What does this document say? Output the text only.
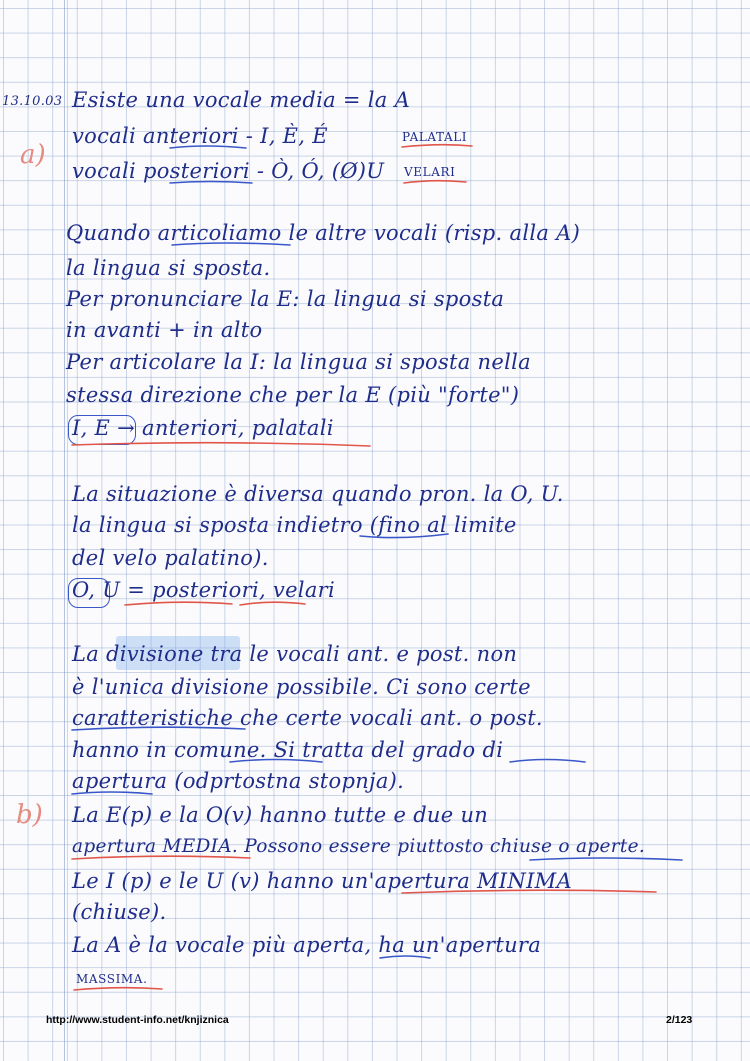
13.10.03
a)
b)
Esiste una vocale media = la A
vocali anteriori - I, È, É	PALATALI
vocali posteriori - Ò, Ó, (Ø)U VELARI
Quando articoliamo le altre vocali (risp. alla A)
la lingua si sposta.
Per pronunciare la E: la lingua si sposta
in avanti + in alto
Per articolare la I: la lingua si sposta nella
stessa direzione che per la E (più "forte")
I, E → anteriori, palatali
La situazione è diversa quando pron. la O, U.
la lingua si sposta indietro (fino al limite
del velo palatino).
O, U = posteriori, velari
La divisione tra le vocali ant. e post. non
è l'unica divisione possibile. Ci sono certe
caratteristiche che certe vocali ant. o post.
hanno in comune. Si tratta del grado di
apertura (odprtostna stopnja).
La E(p) e la O(v) hanno tutte e due un
apertura MEDIA. Possono essere piuttosto chiuse o aperte.
Le I (p) e le U (v) hanno un'apertura MINIMA
(chiuse).
La A è la vocale più aperta, ha un'apertura
MASSIMA.
http://www.student-info.net/knjiznica	2/123
